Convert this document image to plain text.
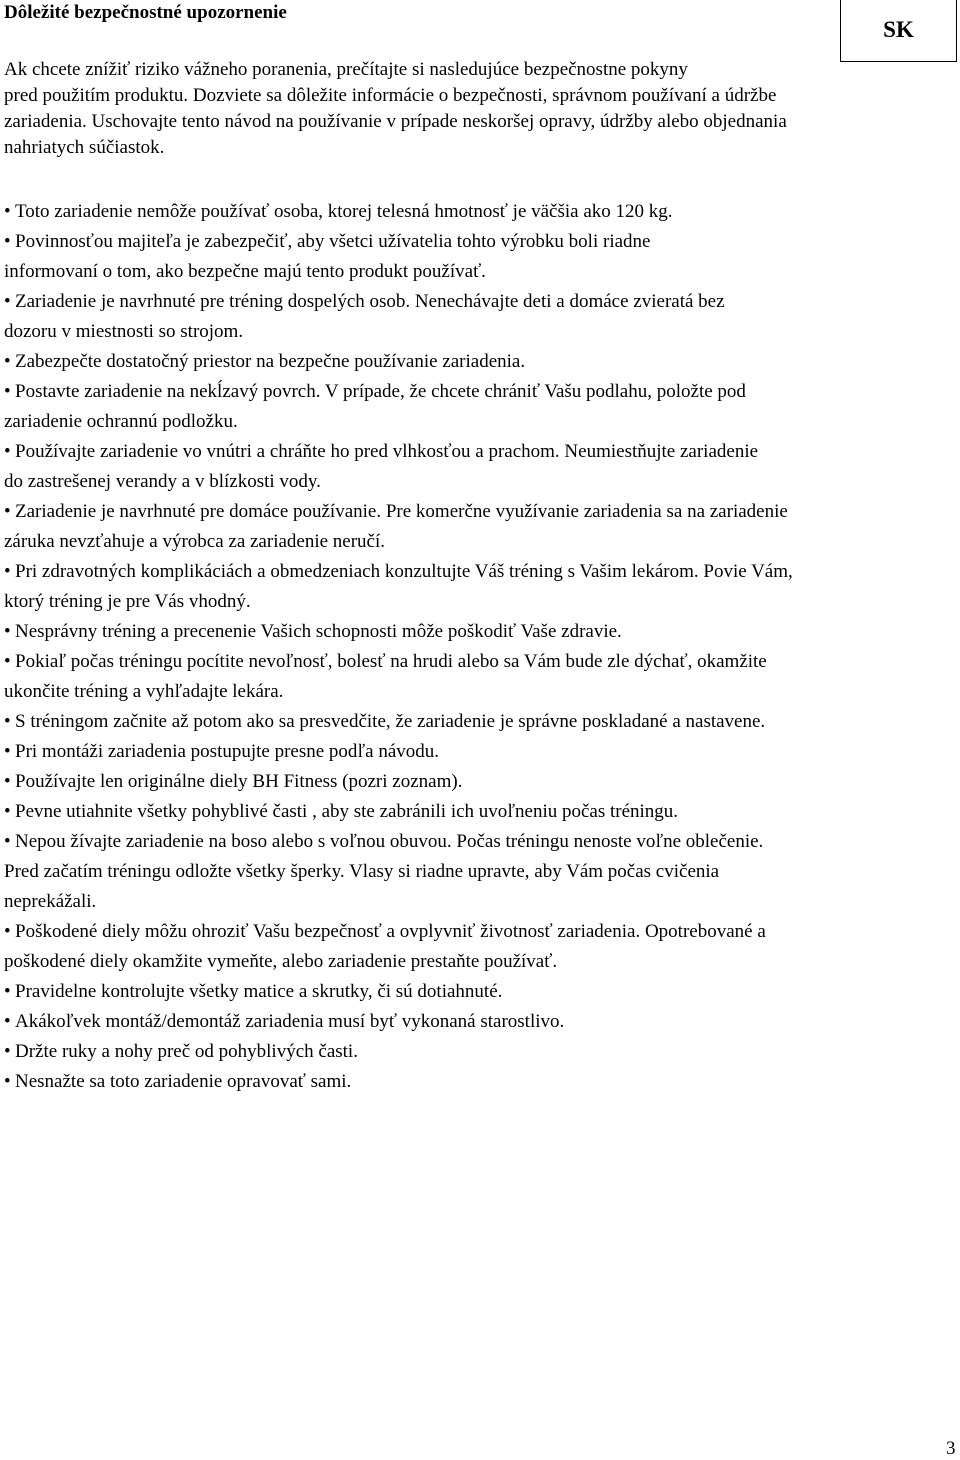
Dôležité bezpečnostné upozornenie
SK
Ak chcete znížiť riziko vážneho poranenia, prečítajte si nasledujúce bezpečnostne pokyny
pred použitím produktu. Dozviete sa dôležite informácie o bezpečnosti, správnom používaní a údržbe
zariadenia. Uschovajte tento návod na používanie v prípade neskoršej opravy, údržby alebo objednania
nahriatych súčiastok.
• Toto zariadenie nemôže používať osoba, ktorej telesná hmotnosť je väčšia ako 120 kg.
• Povinnosťou majiteľa je zabezpečiť, aby všetci užívatelia tohto výrobku boli riadne
informovaní o tom, ako bezpečne majú tento produkt používať.
• Zariadenie je navrhnuté pre tréning dospelých osob. Nenechávajte deti a domáce zvieratá bez
dozoru v miestnosti so strojom.
• Zabezpečte dostatočný priestor na bezpečne používanie zariadenia.
• Postavte zariadenie na nekĺzavý povrch. V prípade, že chcete chrániť Vašu podlahu, položte pod
zariadenie ochrannú podložku.
• Používajte zariadenie vo vnútri a chráňte ho pred vlhkosťou a prachom. Neumiestňujte zariadenie
do zastrešenej verandy a v blízkosti vody.
• Zariadenie je navrhnuté pre domáce používanie. Pre komerčne využívanie zariadenia sa na zariadenie
záruka nevzťahuje a výrobca za zariadenie neručí.
• Pri zdravotných komplikáciách a obmedzeniach konzultujte Váš tréning s Vašim lekárom. Povie Vám,
ktorý tréning je pre Vás vhodný.
• Nesprávny tréning a precenenie Vašich schopnosti môže poškodiť Vaše zdravie.
• Pokiaľ počas tréningu pocítite nevoľnosť, bolesť na hrudi alebo sa Vám bude zle dýchať, okamžite
ukončite tréning a vyhľadajte lekára.
• S tréningom začnite až potom ako sa presvedčite, že zariadenie je správne poskladané a nastavene.
• Pri montáži zariadenia postupujte presne podľa návodu.
• Používajte len originálne diely BH Fitness (pozri zoznam).
• Pevne utiahnite všetky pohyblivé časti , aby ste zabránili ich uvoľneniu počas tréningu.
• Nepou žívajte zariadenie na boso alebo s voľnou obuvou. Počas tréningu nenoste voľne oblečenie.
Pred začatím tréningu odložte všetky šperky. Vlasy si riadne upravte, aby Vám počas cvičenia
neprekážali.
• Poškodené diely môžu ohroziť Vašu bezpečnosť a ovplyvniť životnosť zariadenia. Opotrebované a
poškodené diely okamžite vymeňte, alebo zariadenie prestaňte používať.
• Pravidelne kontrolujte všetky matice a skrutky, či sú dotiahnuté.
• Akákoľvek montáž/demontáž zariadenia musí byť vykonaná starostlivo.
• Držte ruky a nohy preč od pohyblivých časti.
• Nesnažte sa toto zariadenie opravovať sami.
3
